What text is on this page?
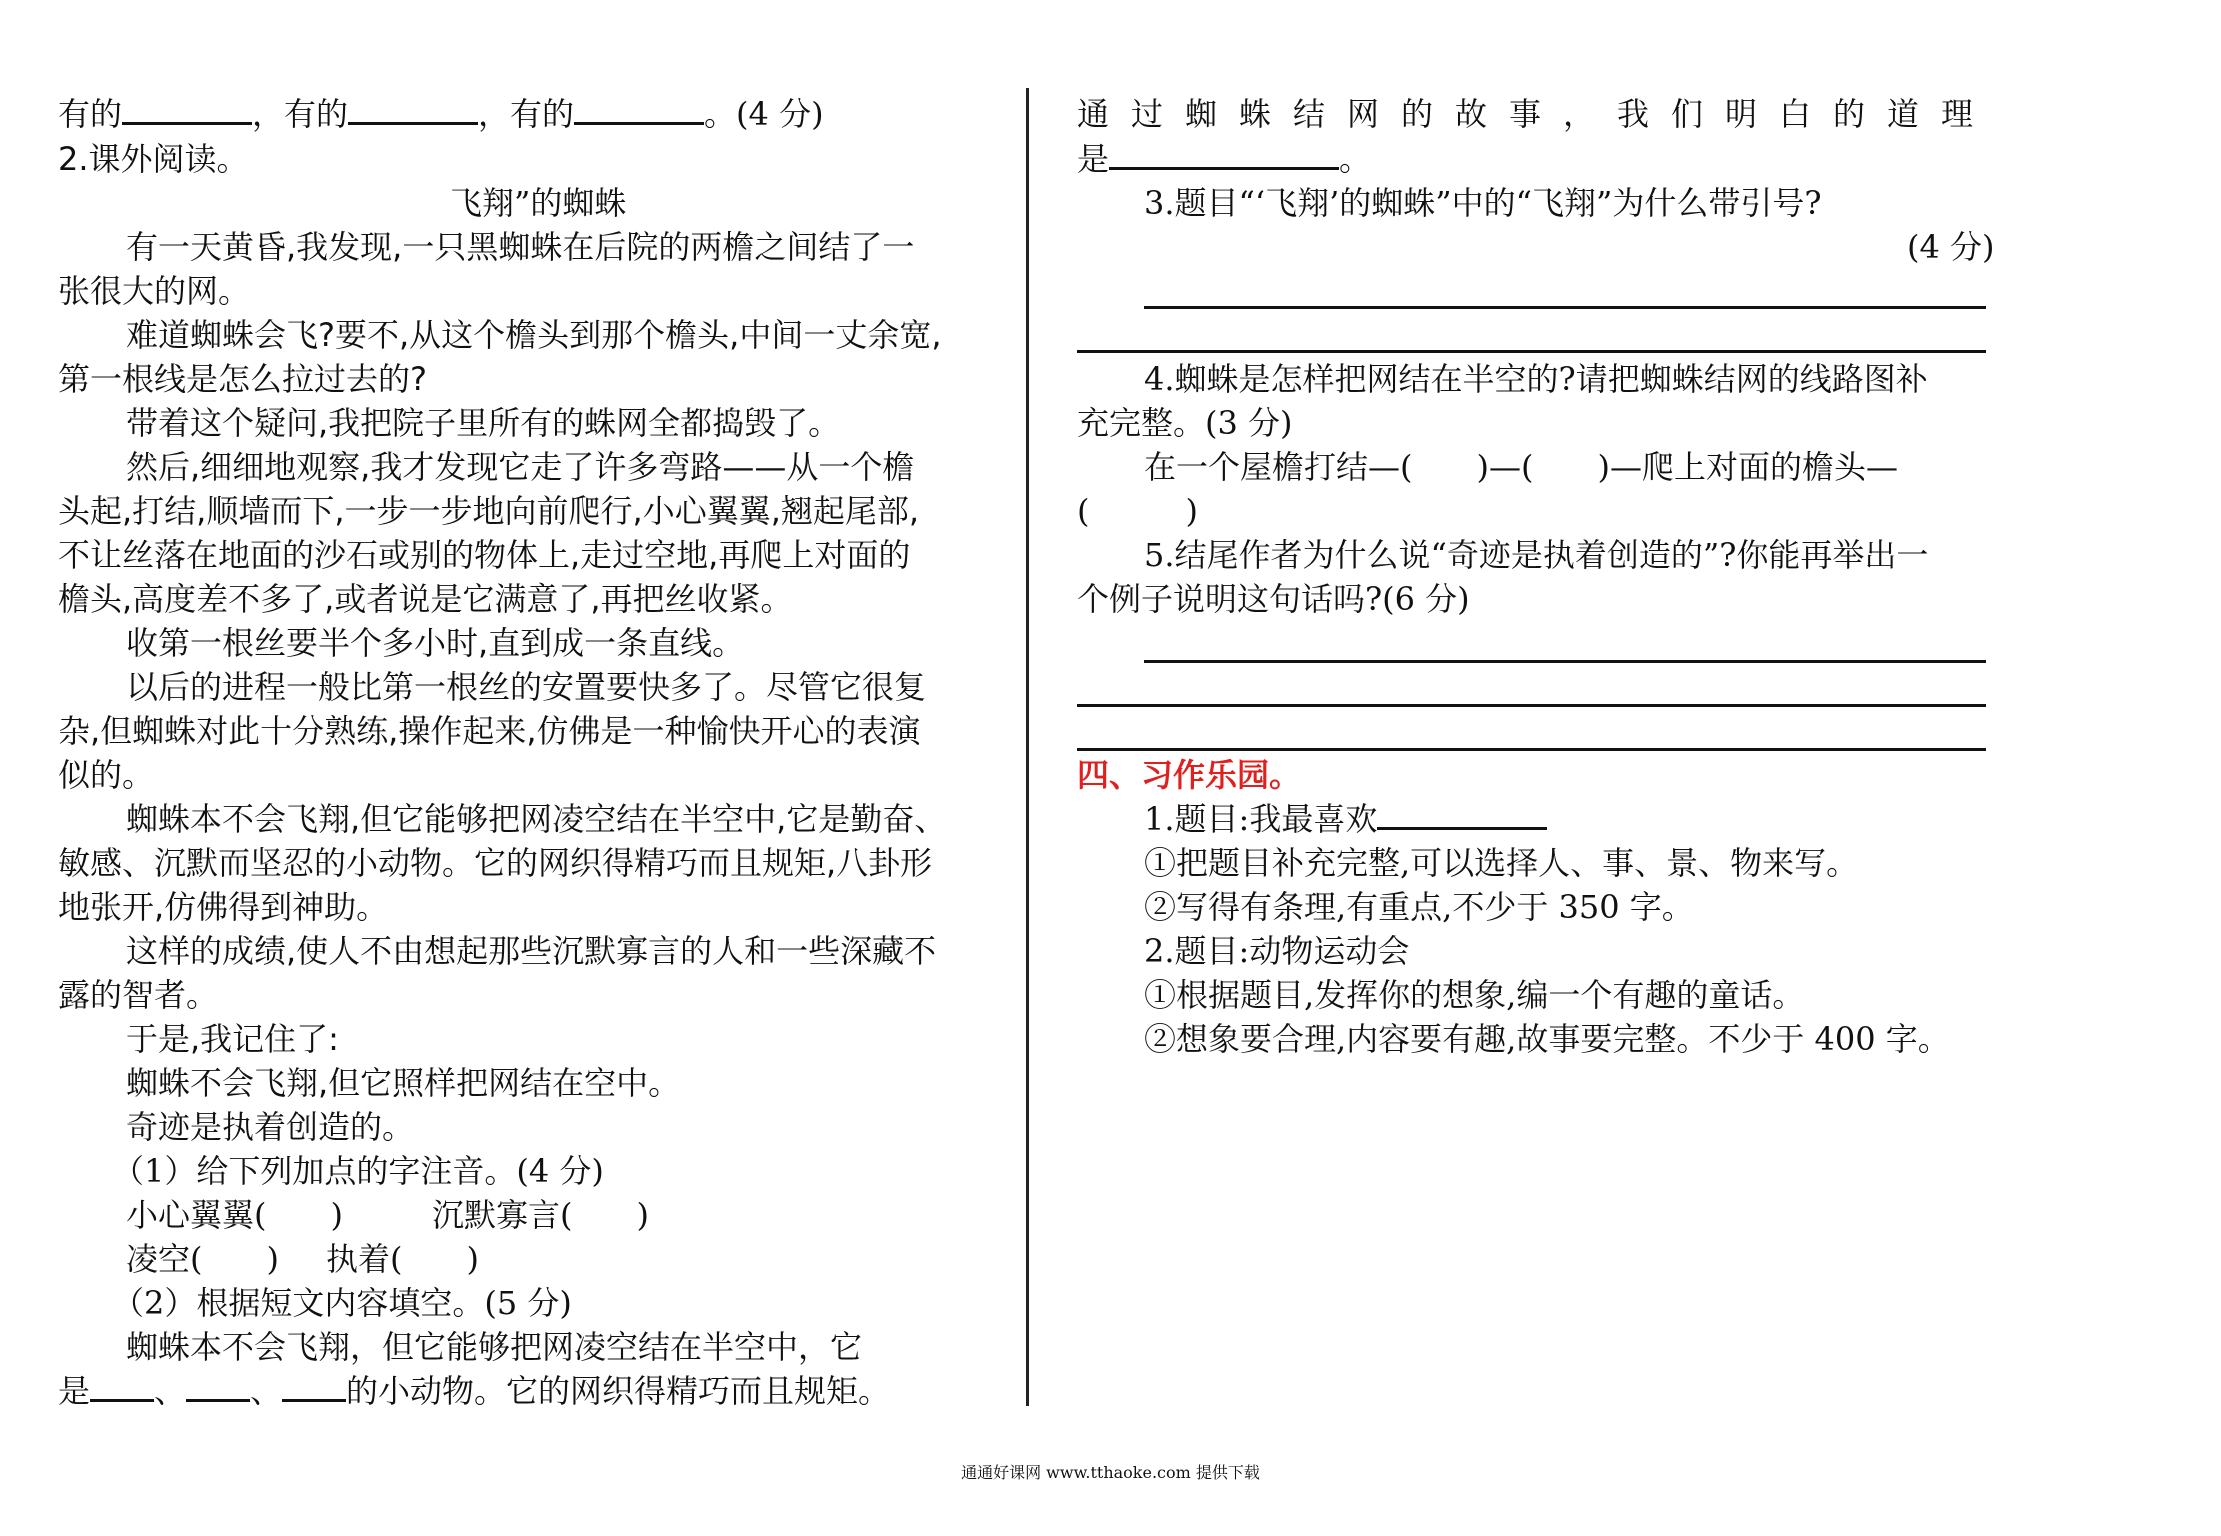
有的	，有的	，有的	。(4 分)
2.课外阅读。
飞翔”的蜘蛛
有一天黄昏,我发现,一只黑蜘蛛在后院的两檐之间结了一
张很大的网。
难道蜘蛛会飞?要不,从这个檐头到那个檐头,中间一丈余宽,
第一根线是怎么拉过去的?
带着这个疑问,我把院子里所有的蛛网全都捣毁了。
然后,细细地观察,我才发现它走了许多弯路——从一个檐
头起,打结,顺墙而下,一步一步地向前爬行,小心翼翼,翘起尾部,
不让丝落在地面的沙石或别的物体上,走过空地,再爬上对面的
檐头,高度差不多了,或者说是它满意了,再把丝收紧。
收第一根丝要半个多小时,直到成一条直线。
以后的进程一般比第一根丝的安置要快多了。尽管它很复
杂,但蜘蛛对此十分熟练,操作起来,仿佛是一种愉快开心的表演
似的。
蜘蛛本不会飞翔,但它能够把网凌空结在半空中,它是勤奋、
敏感、沉默而坚忍的小动物。它的网织得精巧而且规矩,八卦形
地张开,仿佛得到神助。
这样的成绩,使人不由想起那些沉默寡言的人和一些深藏不
露的智者。
于是,我记住了:
蜘蛛不会飞翔,但它照样把网结在空中。
奇迹是执着创造的。
（1）给下列加点的字注音。(4 分)
小心翼翼(　　)	沉默寡言(　　)
凌空(　　) 执着(　　)
（2）根据短文内容填空。(5 分)
蜘蛛本不会飞翔，但它能够把网凌空结在半空中，它
是 、 、 的小动物。它的网织得精巧而且规矩。
通过蜘蛛结网的故事，我们明白的道理
是	。
3.题目“‘飞翔’的蜘蛛”中的“飞翔”为什么带引号?
(4 分)
4.蜘蛛是怎样把网结在半空的?请把蜘蛛结网的线路图补
充完整。(3 分)
在一个屋檐打结—(　　)—(　　)—爬上对面的檐头—
(　　　)
5.结尾作者为什么说“奇迹是执着创造的”?你能再举出一
个例子说明这句话吗?(6 分)
四、习作乐园。
1.题目:我最喜欢
①把题目补充完整,可以选择人、事、景、物来写。
②写得有条理,有重点,不少于 350 字。
2.题目:动物运动会
①根据题目,发挥你的想象,编一个有趣的童话。
②想象要合理,内容要有趣,故事要完整。不少于 400 字。
通通好课网 www.tthaoke.com 提供下载
